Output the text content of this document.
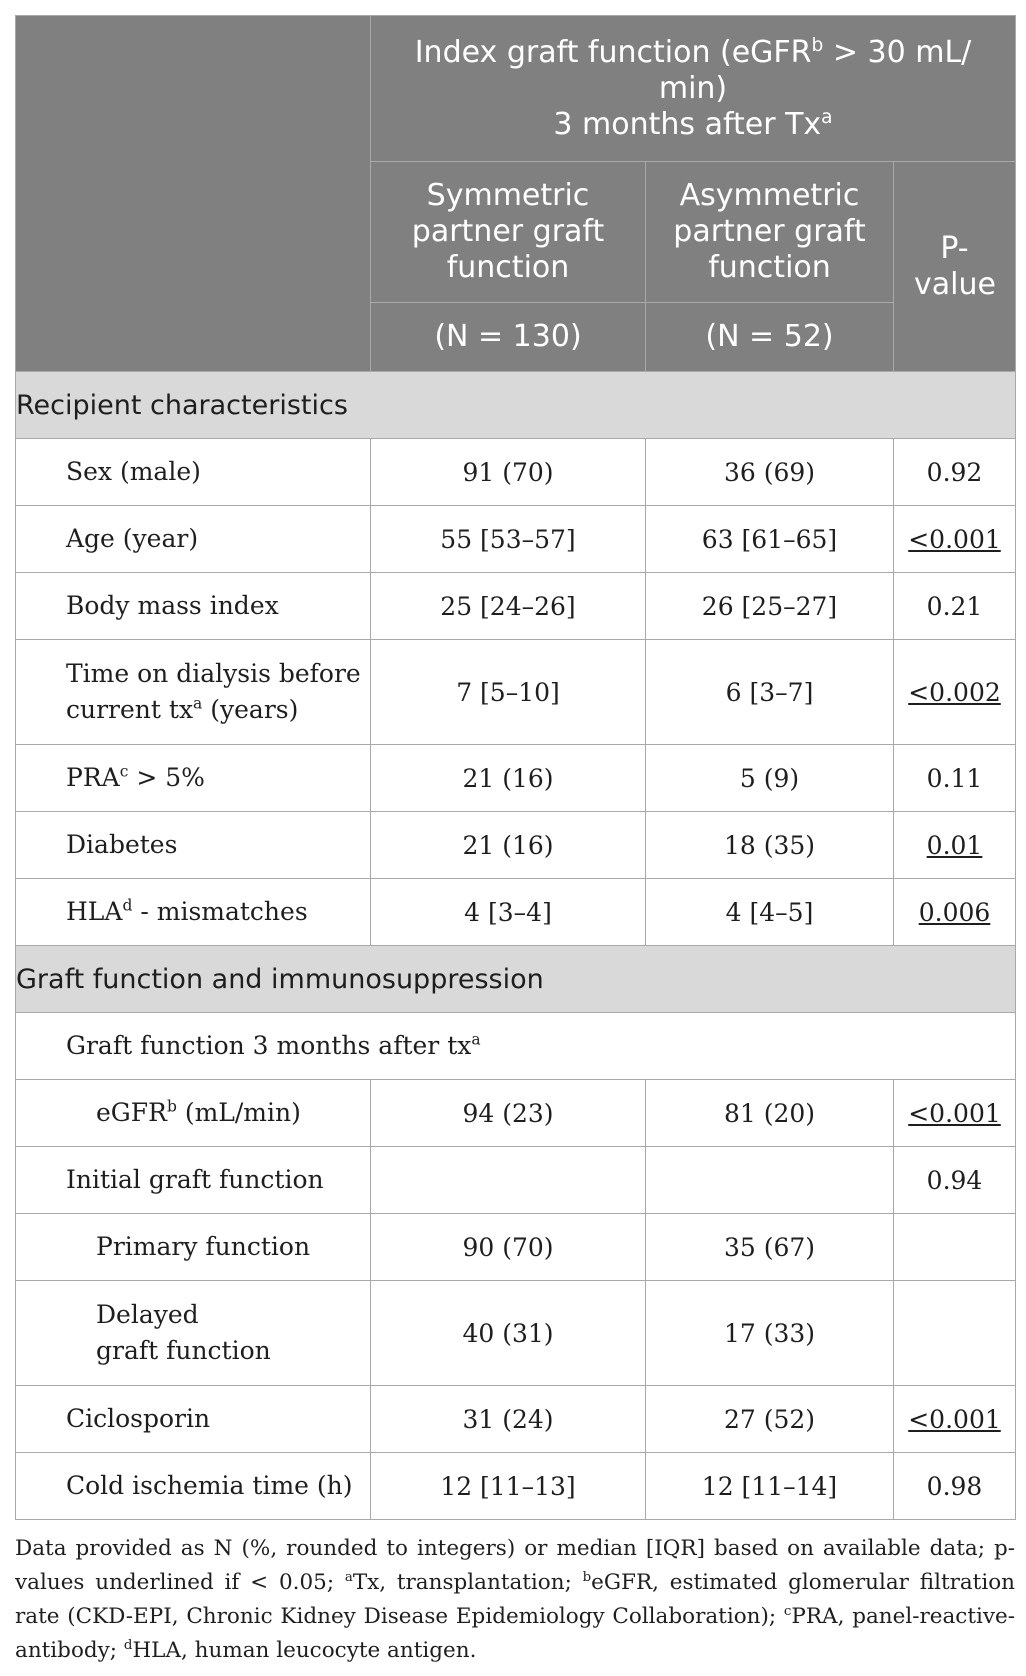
	Index graft function (eGFR$^b$ > 30 mL/
min)
3 months after Tx$^a$
	Symmetric partner graft function	Asymmetric partner graft function	P-value
	(N = 130)	(N = 52)	
Recipient characteristics			
Sex (male)	91 (70)	36 (69)	0.92
Age (year)	55 [53–57]	63 [61–65]	<0.001
Body mass index	25 [24–26]	26 [25–27]	0.21
Time on dialysis before
current $tx^a$ (years)	7 [5–10]	6 [3–7]	<0.002
$PRA^c > 5\%$	21 (16)	5 (9)	0.11
Diabetes	21 (16)	18 (35)	0.01
HLA$^d$ - mismatches	4 [3–4]	4 [4–5]	0.006
Graft function and immunosuppression			
Graft function 3 months after $tx^a$
eGFR$^b$ (mL/min)	94 (23)	81 (20)	<0.001
Initial graft function			0.94
Primary function	90 (70)	35 (67)	
Delayed
graft function	40 (31)	17 (33)	
Ciclosporin	31 (24)	27 (52)	<0.001
Cold ischemia time (h)	12 [11–13]	12 [11–14]	0.98
Data provided as N (%, rounded to integers) or median [IQR] based on available data; p-values underlined if < 0.05; $^a$Tx, transplantation; $^b$eGFR, estimated glomerular filtration rate (CKD-EPI, Chronic Kidney Disease Epidemiology Collaboration); $^c$PRA, panel-reactive-antibody; $^d$HLA, human leucocyte antigen.
